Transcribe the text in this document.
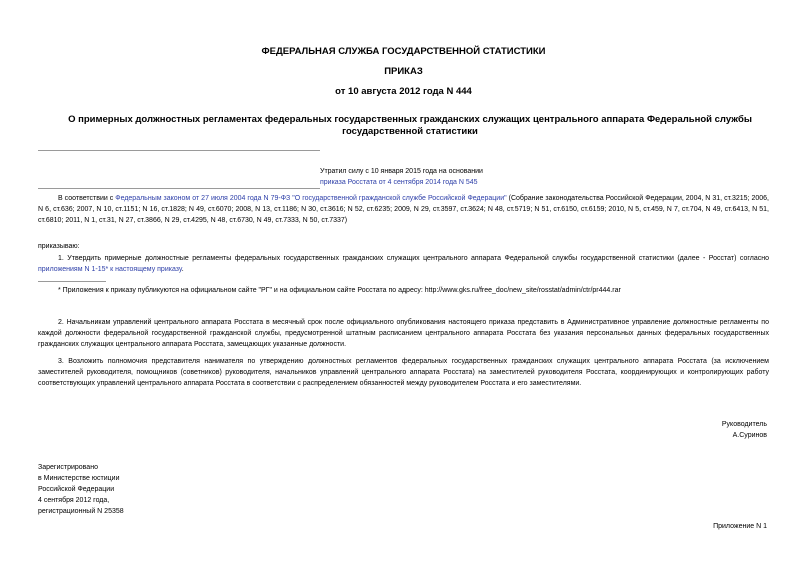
ФЕДЕРАЛЬНАЯ СЛУЖБА ГОСУДАРСТВЕННОЙ СТАТИСТИКИ
ПРИКАЗ
от 10 августа 2012 года N 444
О примерных должностных регламентах федеральных государственных гражданских служащих центрального аппарата Федеральной службы государственной статистики
Утратил силу с 10 января 2015 года на основании
приказа Росстата от 4 сентября 2014 года N 545
В соответствии с Федеральным законом от 27 июля 2004 года N 79-ФЗ "О государственной гражданской службе Российской Федерации" (Собрание законодательства Российской Федерации, 2004, N 31, ст.3215; 2006, N 6, ст.636; 2007, N 10, ст.1151; N 16, ст.1828; N 49, ст.6070; 2008, N 13, ст.1186; N 30, ст.3616; N 52, ст.6235; 2009, N 29, ст.3597, ст.3624; N 48, ст.5719; N 51, ст.6150, ст.6159; 2010, N 5, ст.459, N 7, ст.704, N 49, ст.6413, N 51, ст.6810; 2011, N 1, ст.31, N 27, ст.3866, N 29, ст.4295, N 48, ст.6730, N 49, ст.7333, N 50, ст.7337)
приказываю:
1. Утвердить примерные должностные регламенты федеральных государственных гражданских служащих центрального аппарата Федеральной службы государственной статистики (далее - Росстат) согласно приложениям N 1-15* к настоящему приказу.
* Приложения к приказу публикуются на официальном сайте "РГ" и на официальном сайте Росстата по адресу: http://www.gks.ru/free_doc/new_site/rosstat/admin/ctr/pr444.rar
2. Начальникам управлений центрального аппарата Росстата в месячный срок после официального опубликования настоящего приказа представить в Административное управление должностные регламенты по каждой должности федеральной государственной гражданской службы, предусмотренной штатным расписанием центрального аппарата Росстата без указания персональных данных федеральных государственных гражданских служащих центрального аппарата Росстата, замещающих указанные должности.
3. Возложить полномочия представителя нанимателя по утверждению должностных регламентов федеральных государственных гражданских служащих центрального аппарата Росстата (за исключением заместителей руководителя, помощников (советников) руководителя, начальников управлений центрального аппарата Росстата) на заместителей руководителя Росстата, координирующих и контролирующих работу соответствующих управлений центрального аппарата Росстата в соответствии с распределением обязанностей между руководителем Росстата и его заместителями.
Руководитель
А.Суринов
Зарегистрировано
в Министерстве юстиции
Российской Федерации
4 сентября 2012 года,
регистрационный N 25358
Приложение N 1
